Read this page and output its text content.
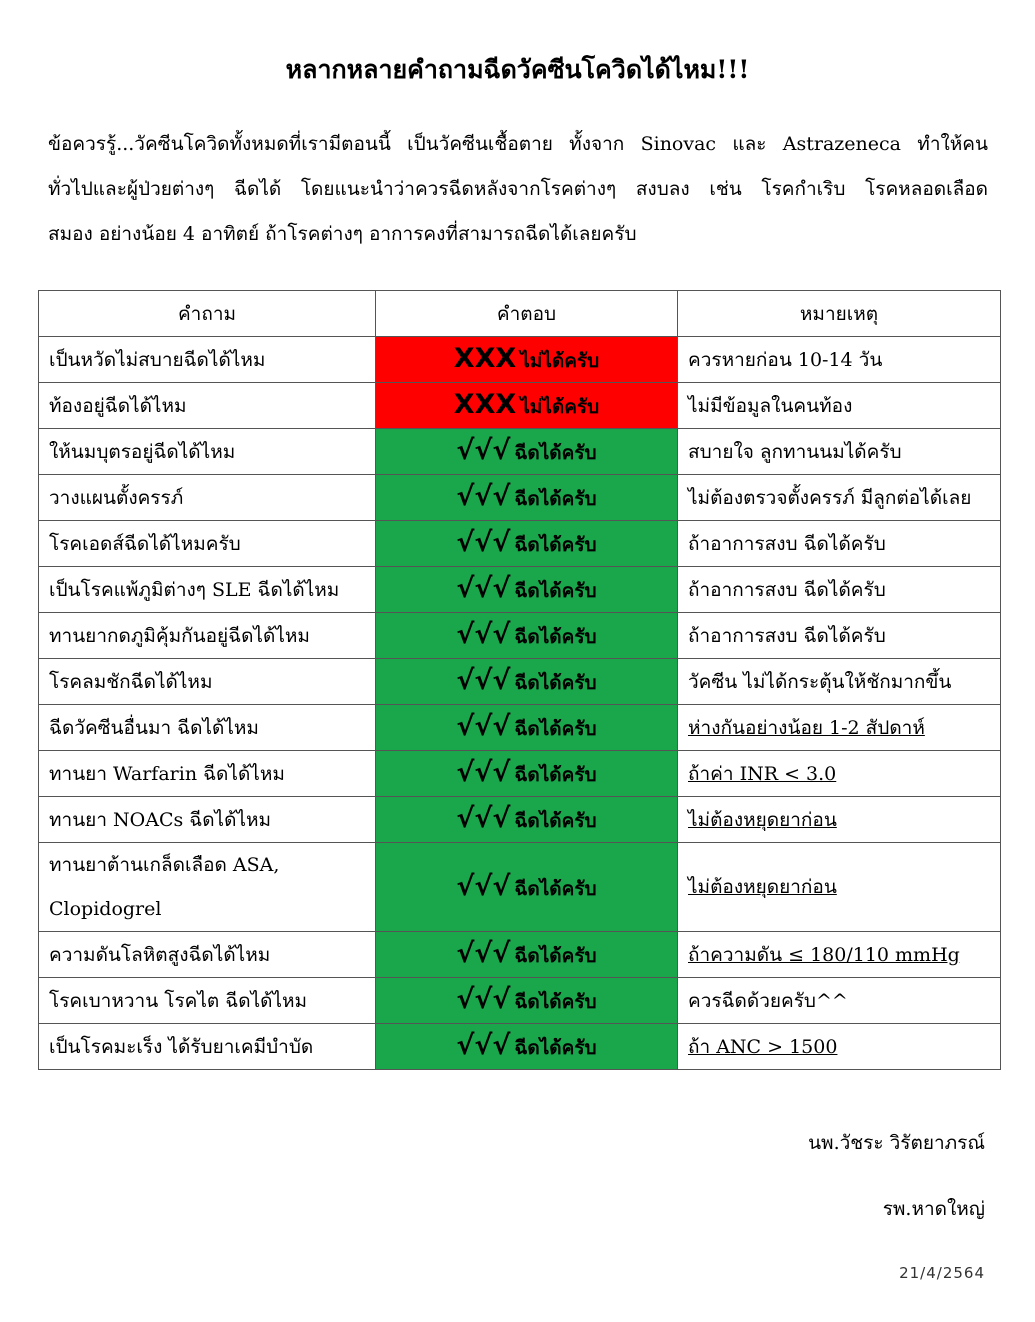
หลากหลายคำถามฉีดวัคซีนโควิดได้ไหม!!!
ข้อควรรู้...วัคซีนโควิดทั้งหมดที่เรามีตอนนี้ เป็นวัคซีนเชื้อตาย ทั้งจาก Sinovac และ Astrazeneca ทำให้คน
ทั่วไปและผู้ป่วยต่างๆ ฉีดได้ โดยแนะนำว่าควรฉีดหลังจากโรคต่างๆ สงบลง เช่น โรคกำเริบ โรคหลอดเลือด
สมอง อย่างน้อย 4 อาทิตย์ ถ้าโรคต่างๆ อาการคงที่สามารถฉีดได้เลยครับ
คำถาม	คำตอบ	หมายเหตุ
เป็นหวัดไม่สบายฉีดได้ไหม	XXX ไม่ได้ครับ	ควรหายก่อน 10-14 วัน
ท้องอยู่ฉีดได้ไหม	XXX ไม่ได้ครับ	ไม่มีข้อมูลในคนท้อง
ให้นมบุตรอยู่ฉีดได้ไหม	√√√ ฉีดได้ครับ	สบายใจ ลูกทานนมได้ครับ
วางแผนตั้งครรภ์	√√√ ฉีดได้ครับ	ไม่ต้องตรวจตั้งครรภ์ มีลูกต่อได้เลย
โรคเอดส์ฉีดได้ไหมครับ	√√√ ฉีดได้ครับ	ถ้าอาการสงบ ฉีดได้ครับ
เป็นโรคแพ้ภูมิต่างๆ SLE ฉีดได้ไหม	√√√ ฉีดได้ครับ	ถ้าอาการสงบ ฉีดได้ครับ
ทานยากดภูมิคุ้มกันอยู่ฉีดได้ไหม	√√√ ฉีดได้ครับ	ถ้าอาการสงบ ฉีดได้ครับ
โรคลมชักฉีดได้ไหม	√√√ ฉีดได้ครับ	วัคซีน ไม่ได้กระตุ้นให้ชักมากขึ้น
ฉีดวัคซีนอื่นมา ฉีดได้ไหม	√√√ ฉีดได้ครับ	ห่างกันอย่างน้อย 1-2 สัปดาห์
ทานยา Warfarin ฉีดได้ไหม	√√√ ฉีดได้ครับ	ถ้าค่า INR < 3.0
ทานยา NOACs ฉีดได้ไหม	√√√ ฉีดได้ครับ	ไม่ต้องหยุดยาก่อน
ทานยาต้านเกล็ดเลือด ASA, Clopidogrel	√√√ ฉีดได้ครับ	ไม่ต้องหยุดยาก่อน
ความดันโลหิตสูงฉีดได้ไหม	√√√ ฉีดได้ครับ	ถ้าความดัน ≤ 180/110 mmHg
โรคเบาหวาน โรคไต ฉีดได้ไหม	√√√ ฉีดได้ครับ	ควรฉีดด้วยครับ^^
เป็นโรคมะเร็ง ได้รับยาเคมีบำบัด	√√√ ฉีดได้ครับ	ถ้า ANC > 1500
นพ.วัชระ วิรัตยาภรณ์
รพ.หาดใหญ่
21/4/2564
